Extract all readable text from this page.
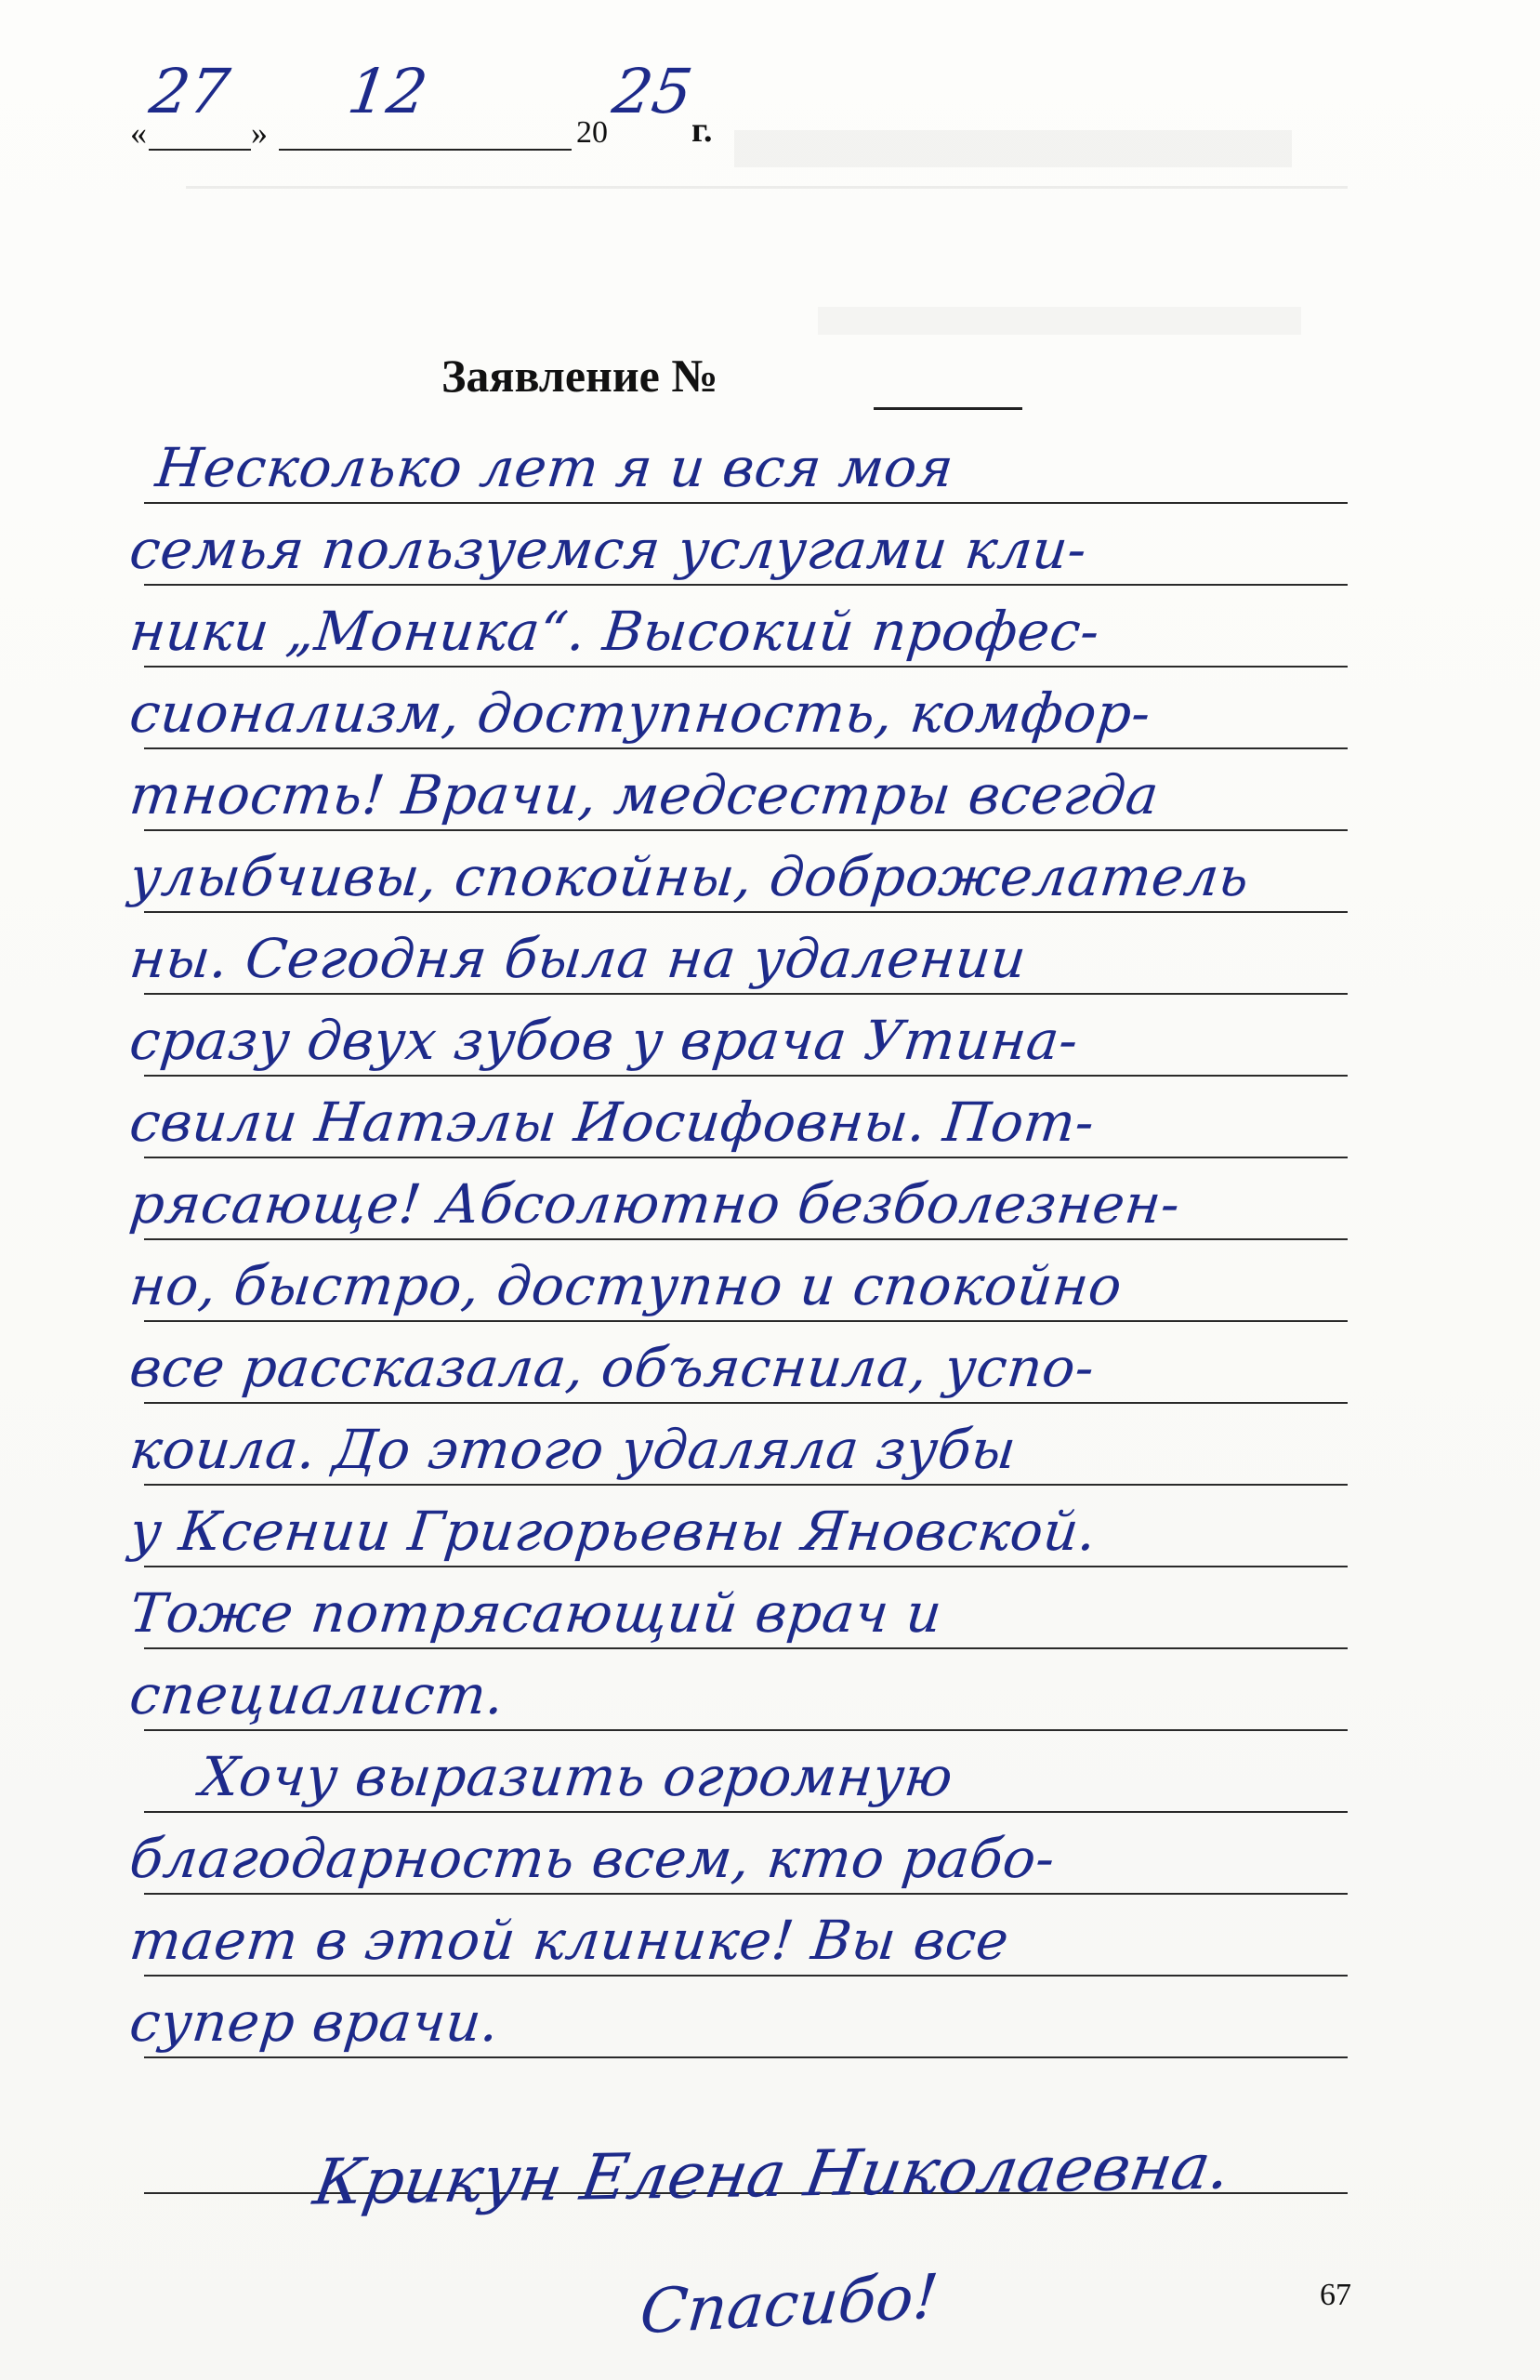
«
27
»
12
20
25
г.
Заявление №
Несколько лет я и вся моя
семья пользуемся услугами кли-
ники „Моника“. Высокий профес-
сионализм, доступность, комфор-
тность! Врачи, медсестры всегда
улыбчивы, спокойны, доброжелатель
ны. Сегодня была на удалении
сразу двух зубов у врача Утина-
свили Натэлы Иосифовны. Пот-
рясающе! Абсолютно безболезнен-
но, быстро, доступно и спокойно
все рассказала, объяснила, успо-
коила. До этого удаляла зубы
у Ксении Григорьевны Яновской.
Тоже потрясающий врач и
специалист.
Хочу выразить огромную
благодарность всем, кто рабо-
тает в этой клинике! Вы все
супер врачи.
Крикун Елена Николаевна.
Спасибо!	67
